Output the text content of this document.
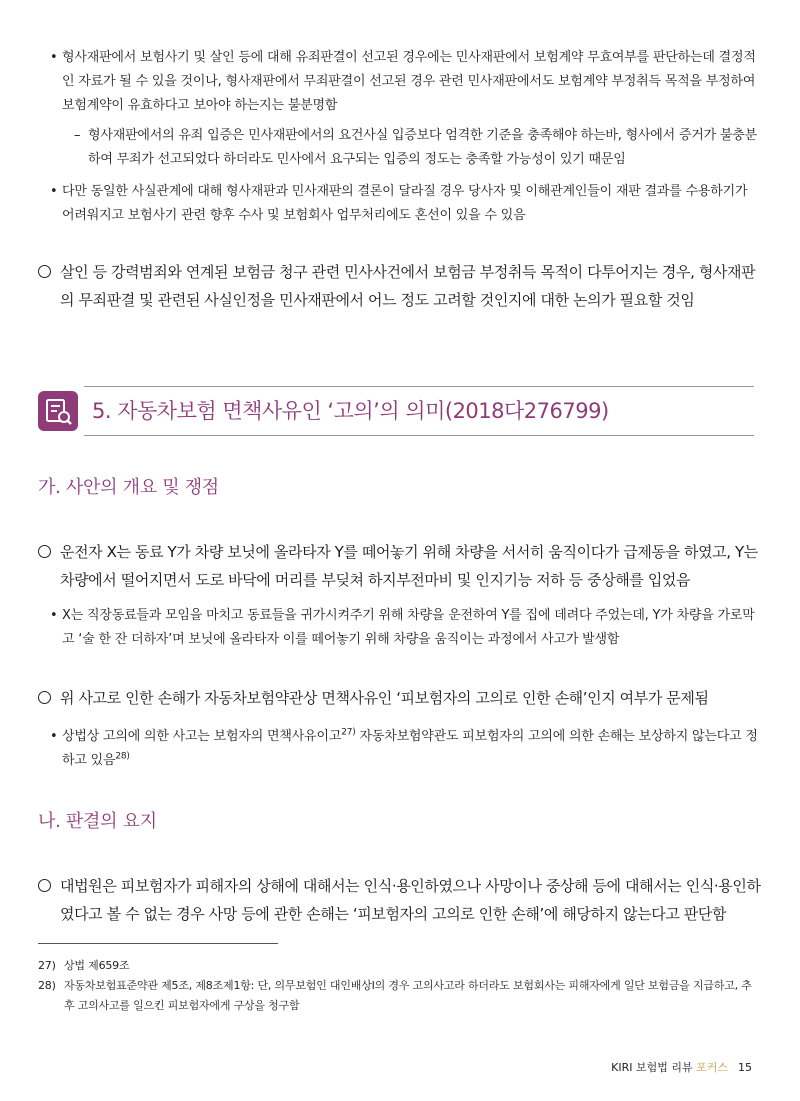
• 형사재판에서 보험사기 및 살인 등에 대해 유죄판결이 선고된 경우에는 민사재판에서 보험계약 무효여부를 판단하는데 결정적인 자료가 될 수 있을 것이나, 형사재판에서 무죄판결이 선고된 경우 관련 민사재판에서도 보험계약 부정취득 목적을 부정하여 보험계약이 유효하다고 보아야 하는지는 불분명함
– 형사재판에서의 유죄 입증은 민사재판에서의 요건사실 입증보다 엄격한 기준을 충족해야 하는바, 형사에서 증거가 불충분하여 무죄가 선고되었다 하더라도 민사에서 요구되는 입증의 정도는 충족할 가능성이 있기 때문임
• 다만 동일한 사실관계에 대해 형사재판과 민사재판의 결론이 달라질 경우 당사자 및 이해관계인들이 재판 결과를 수용하기가 어려워지고 보험사기 관련 향후 수사 및 보험회사 업무처리에도 혼선이 있을 수 있음
살인 등 강력범죄와 연계된 보험금 청구 관련 민사사건에서 보험금 부정취득 목적이 다투어지는 경우, 형사재판의 무죄판결 및 관련된 사실인정을 민사재판에서 어느 정도 고려할 것인지에 대한 논의가 필요할 것임
5. 자동차보험 면책사유인 ‘고의’의 의미(2018다276799)
가. 사안의 개요 및 쟁점
운전자 X는 동료 Y가 차량 보닛에 올라타자 Y를 떼어놓기 위해 차량을 서서히 움직이다가 급제동을 하였고, Y는 차량에서 떨어지면서 도로 바닥에 머리를 부딪쳐 하지부전마비 및 인지기능 저하 등 중상해를 입었음
• X는 직장동료들과 모임을 마치고 동료들을 귀가시켜주기 위해 차량을 운전하여 Y를 집에 데려다 주었는데, Y가 차량을 가로막고 ‘술 한 잔 더하자’며 보닛에 올라타자 이를 떼어놓기 위해 차량을 움직이는 과정에서 사고가 발생함
위 사고로 인한 손해가 자동차보험약관상 면책사유인 ‘피보험자의 고의로 인한 손해’인지 여부가 문제됨
• 상법상 고의에 의한 사고는 보험자의 면책사유이고$^{27)}$ 자동차보험약관도 피보험자의 고의에 의한 손해는 보상하지 않는다고 정하고 있음$^{28)}$
나. 판결의 요지
대법원은 피보험자가 피해자의 상해에 대해서는 인식·용인하였으나 사망이나 중상해 등에 대해서는 인식·용인하였다고 볼 수 없는 경우 사망 등에 관한 손해는 ‘피보험자의 고의로 인한 손해’에 해당하지 않는다고 판단함
27) 상법 제659조
28) 자동차보험표준약관 제5조, 제8조제1항: 단, 의무보험인 대인배상Ⅰ의 경우 고의사고라 하더라도 보험회사는 피해자에게 일단 보험금을 지급하고, 추후 고의사고를 일으킨 피보험자에게 구상을 청구함
KIRI 보험법 리뷰 포커스 15
